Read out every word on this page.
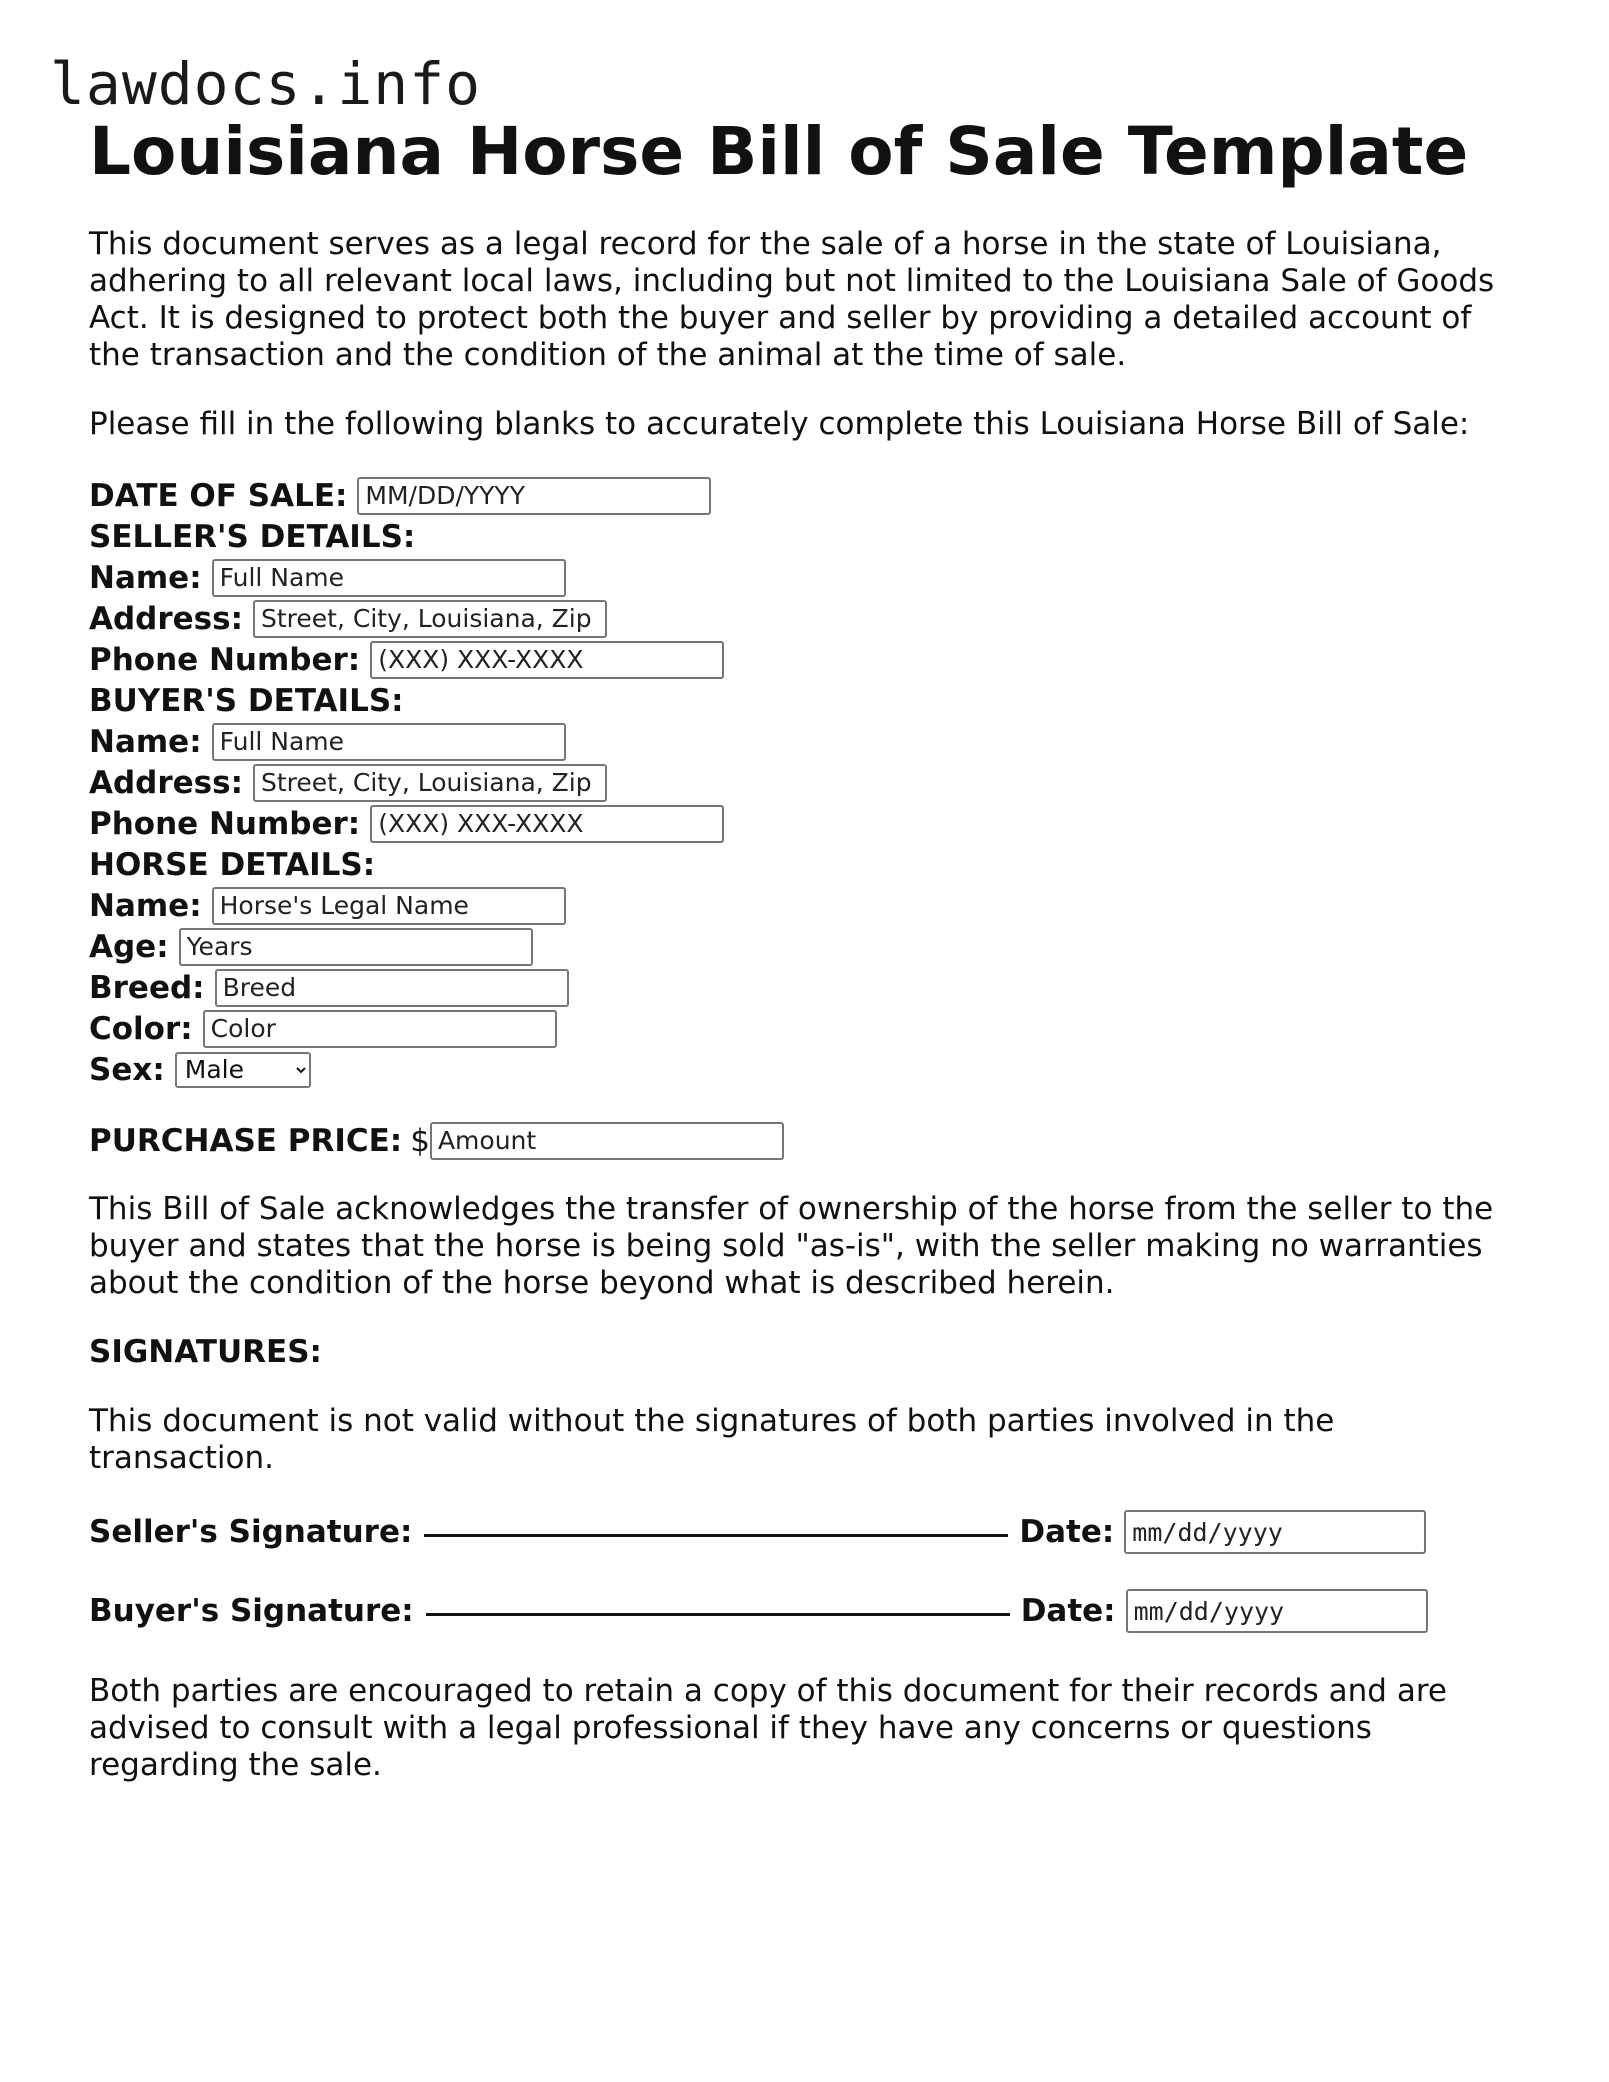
lawdocs.info
Louisiana Horse Bill of Sale Template

This document serves as a legal record for the sale of a horse in the state of Louisiana, adhering to all relevant local laws, including but not limited to the Louisiana Sale of Goods Act. It is designed to protect both the buyer and seller by providing a detailed account of the transaction and the condition of the animal at the time of sale.

Please fill in the following blanks to accurately complete this Louisiana Horse Bill of Sale:

DATE OF SALE:
MM/DD/YYYY
SELLER'S DETAILS:
Name:
Full Name
Address:
Street, City, Louisiana, Zip
Phone Number:
(XXX) XXX-XXXX
BUYER'S DETAILS:
Name:
Full Name
Address:
Street, City, Louisiana, Zip
Phone Number:
(XXX) XXX-XXXX
HORSE DETAILS:
Name:
Horse's Legal Name
Age:
Years
Breed:
Breed
Color:
Color
Sex:
Male
PURCHASE PRICE: $
Amount

This Bill of Sale acknowledges the transfer of ownership of the horse from the seller to the buyer and states that the horse is being sold "as-is", with the seller making no warranties about the condition of the horse beyond what is described herein.

SIGNATURES:

This document is not valid without the signatures of both parties involved in the transaction.

Seller's Signature:	Date:
mm/dd/yyyy
Buyer's Signature:	Date:
mm/dd/yyyy

Both parties are encouraged to retain a copy of this document for their records and are advised to consult with a legal professional if they have any concerns or questions regarding the sale.
